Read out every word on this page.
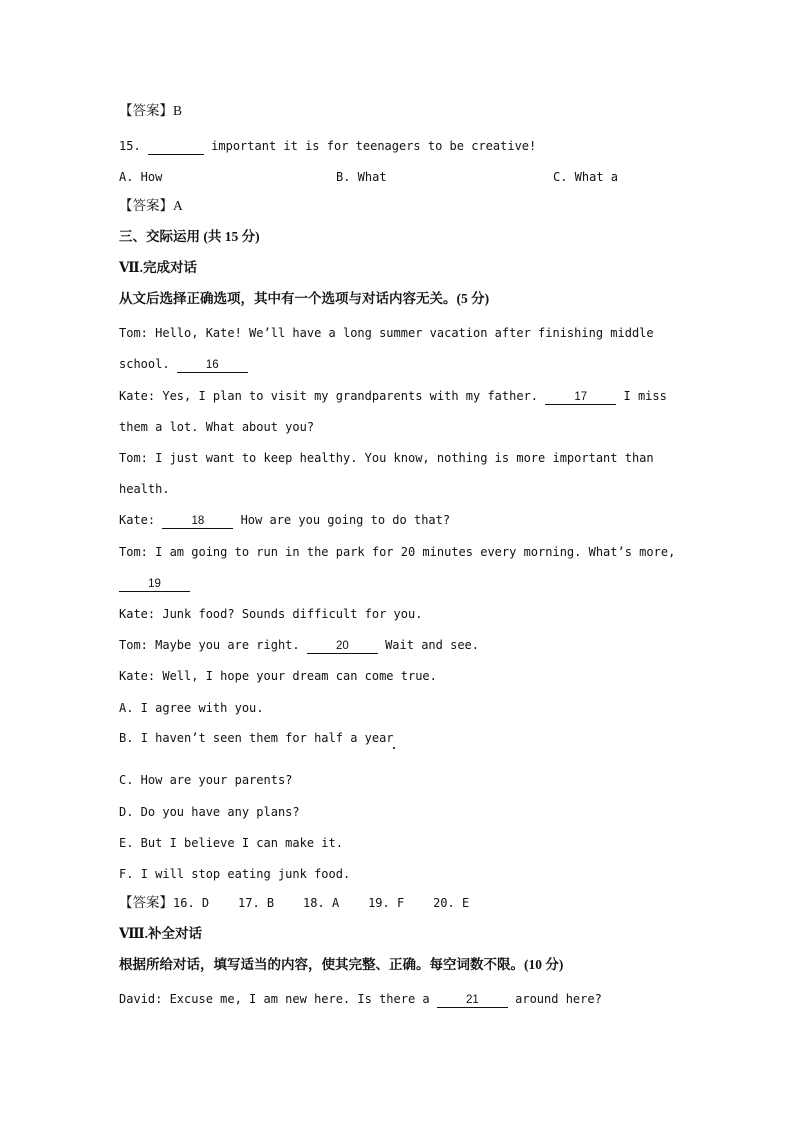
【答案】B
15.	important it is for teenagers to be creative!
A. How	B. What	C. What a
【答案】A
三、交际运用 (共 15 分)
Ⅶ.完成对话
从文后选择正确选项，其中有一个选项与对话内容无关。(5 分)
Tom: Hello, Kate! We’ll have a long summer vacation after finishing middle
school.	16
Kate: Yes, I plan to visit my grandparents with my father.	17 I miss
them a lot. What about you?
Tom: I just want to keep healthy. You know, nothing is more important than
health.
Kate:	18 How are you going to do that?
Tom: I am going to run in the park for 20 minutes every morning. What’s more,
19
Kate: Junk food? Sounds difficult for you.
Tom: Maybe you are right.	20 Wait and see.
Kate: Well, I hope your dream can come true.
A. I agree with you.
B. I haven’t seen them for half a year
C. How are your parents?
D. Do you have any plans?
E. But I believe I can make it.
F. I will stop eating junk food.
【答案】16. D    17. B    18. A    19. F    20. E
Ⅷ.补全对话
根据所给对话，填写适当的内容，使其完整、正确。每空词数不限。(10 分)
David: Excuse me, I am new here. Is there a	21 around here?
